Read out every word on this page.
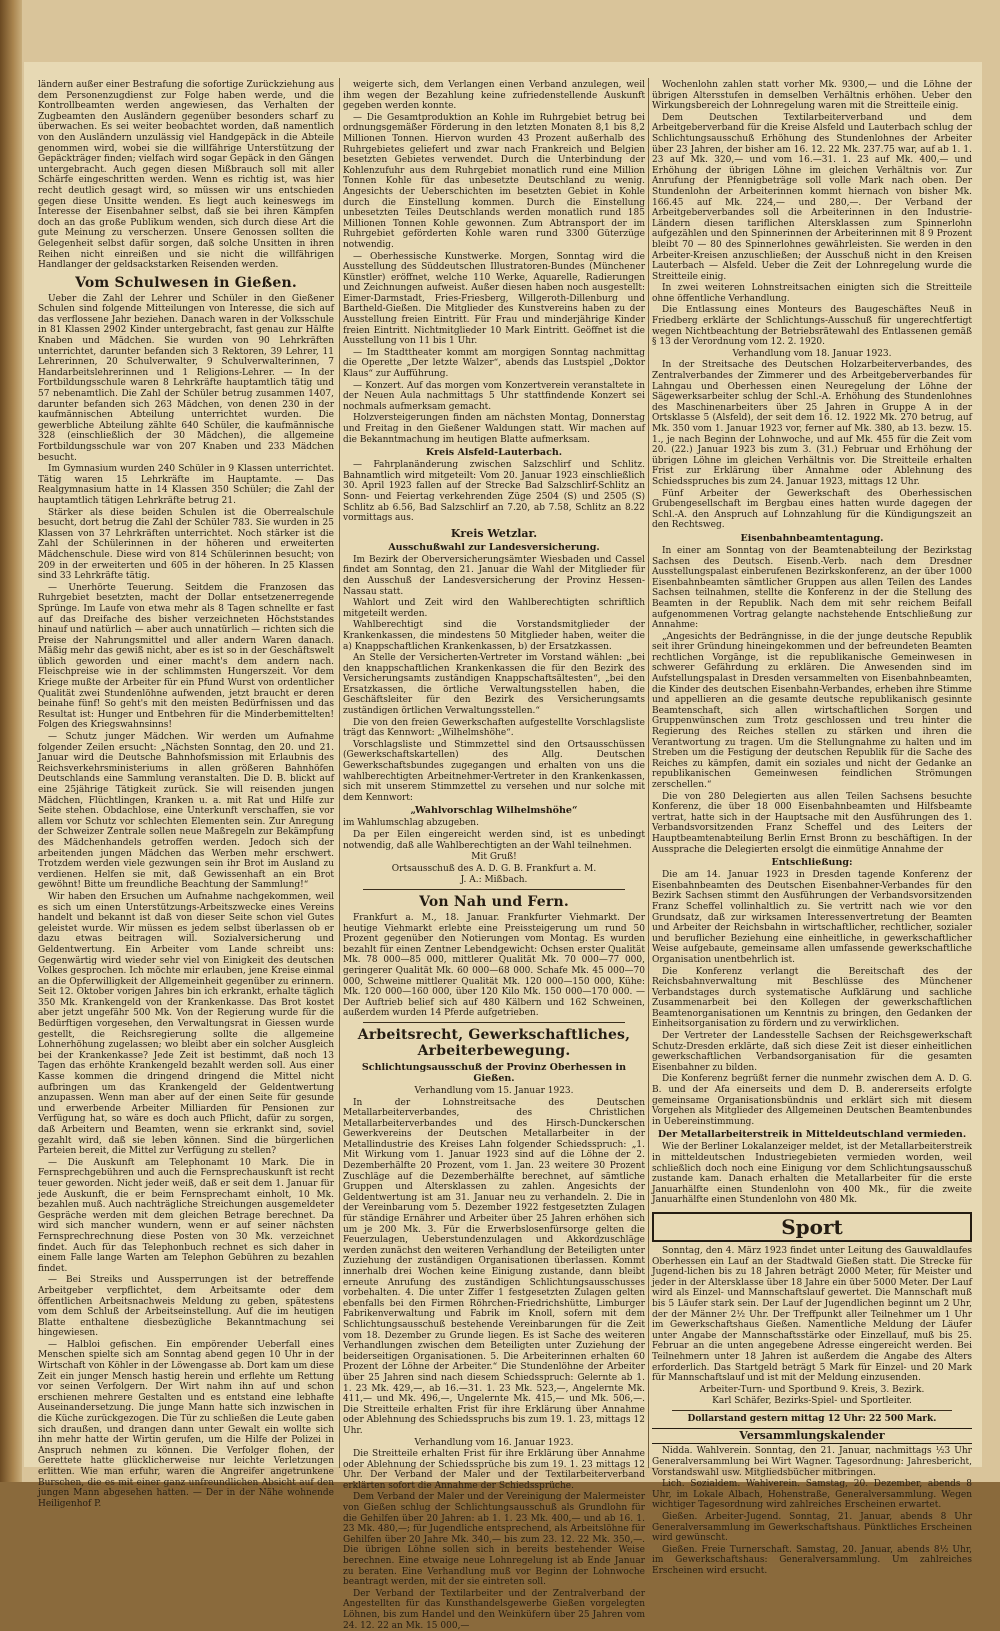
ländern außer einer Bestrafung die sofortige Zurückziehung aus dem Personenzugdienst zur Folge haben werde, und die Kontrollbeamten werden angewiesen, das Verhalten der Zugbeamten den Ausländern gegenüber besonders scharf zu überwachen. Es sei weiter beobachtet worden, daß namentlich von den Ausländern unzulässig viel Handgepäck in die Abteile genommen wird, wobei sie die willfährige Unterstützung der Gepäckträger finden; vielfach wird sogar Gepäck in den Gängen untergebracht. Auch gegen diesen Mißbrauch soll mit aller Schärfe eingeschritten werden. Wenn es richtig ist, was hier recht deutlich gesagt wird, so müssen wir uns entschieden gegen diese Unsitte wenden. Es liegt auch keineswegs im Interesse der Eisenbahner selbst, daß sie bei ihren Kämpfen doch an das große Publikum wenden, sich durch diese Art die gute Meinung zu verscherzen. Unsere Genossen sollten die Gelegenheit selbst dafür sorgen, daß solche Unsitten in ihren Reihen nicht einreißen und sie nicht die willfährigen Handlanger der geldsackstarken Reisenden werden.
Vom Schulwesen in Gießen.

Ueber die Zahl der Lehrer und Schüler in den Gießener Schulen sind folgende Mitteilungen von Interesse, die sich auf das verflossene Jahr beziehen. Danach waren in der Volksschule in 81 Klassen 2902 Kinder untergebracht, fast genau zur Hälfte Knaben und Mädchen. Sie wurden von 90 Lehrkräften unterrichtet, darunter befanden sich 3 Rektoren, 39 Lehrer, 11 Lehrerinnen, 20 Schulverwalter, 9 Schulverwalterinnen, 7 Handarbeitslehrerinnen und 1 Religions-Lehrer. — In der Fortbildungsschule waren 8 Lehrkräfte hauptamtlich tätig und 57 nebenamtlich. Die Zahl der Schüler betrug zusammen 1407, darunter befanden sich 263 Mädchen, von denen 230 in der kaufmännischen Abteilung unterrichtet wurden. Die gewerbliche Abteilung zählte 640 Schüler, die kaufmännische 328 (einschließlich der 30 Mädchen), die allgemeine Fortbildungsschule war von 207 Knaben und 233 Mädchen besucht.

Im Gymnasium wurden 240 Schüler in 9 Klassen unterrichtet. Tätig waren 15 Lehrkräfte im Hauptamte. — Das Realgymnasium hatte in 14 Klassen 350 Schüler; die Zahl der hauptamtlich tätigen Lehrkräfte betrug 21.

Stärker als diese beiden Schulen ist die Oberrealschule besucht, dort betrug die Zahl der Schüler 783. Sie wurden in 25 Klassen von 37 Lehrkräften unterrichtet. Noch stärker ist die Zahl der Schülerinnen in der höheren und erweiterten Mädchenschule. Diese wird von 814 Schülerinnen besucht; von 209 in der erweiterten und 605 in der höheren. In 25 Klassen sind 33 Lehrkräfte tätig.

— Unerhörte Teuerung. Seitdem die Franzosen das Ruhrgebiet besetzten, macht der Dollar entsetzenerregende Sprünge. Im Laufe von etwa mehr als 8 Tagen schnellte er fast auf das Dreifache des bisher verzeichneten Höchststandes hinauf und natürlich — aber auch unnatürlich — richten sich die Preise der Nahrungsmittel und aller andern Waren danach. Mäßig mehr das gewiß nicht, aber es ist so in der Geschäftswelt üblich geworden und einer macht's dem andern nach. Fleischpreise wie in der schlimmsten Hungerszeit. Vor dem Kriege mußte der Arbeiter für ein Pfund Wurst von ordentlicher Qualität zwei Stundenlöhne aufwenden, jetzt braucht er deren beinahe fünf! So geht's mit den meisten Bedürfnissen und das Resultat ist: Hunger und Entbehren für die Minderbemittelten! Folgen des Kriegswahnsinns!

— Schutz junger Mädchen. Wir werden um Aufnahme folgender Zeilen ersucht: „Nächsten Sonntag, den 20. und 21. Januar wird die Deutsche Bahnhofsmission mit Erlaubnis des Reichsverkehrsministeriums in allen größeren Bahnhöfen Deutschlands eine Sammlung veranstalten. Die D. B. blickt auf eine 25jährige Tätigkeit zurück. Sie will reisenden jungen Mädchen, Flüchtlingen, Kranken u. a. mit Rat und Hilfe zur Seite stehen. Obdachlose, eine Unterkunft verschaffen, sie vor allem vor Schutz vor schlechten Elementen sein. Zur Anregung der Schweizer Zentrale sollen neue Maßregeln zur Bekämpfung des Mädchenhandels getroffen werden. Jedoch sich der arbeitenden jungen Mädchen das Werben mehr erschwert. Trotzdem werden viele gezwungen sein ihr Brot im Ausland zu verdienen. Helfen sie mit, daß Gewissenhaft an ein Brot gewöhnt! Bitte um freundliche Beachtung der Sammlung!“

Wir haben den Ersuchen um Aufnahme nachgekommen, weil es sich um einen Unterstützungs-Arbeitszwecke eines Vereins handelt und bekannt ist daß von dieser Seite schon viel Gutes geleistet wurde. Wir müssen es jedem selbst überlassen ob er dazu etwas beitragen will. Sozialversicherung und Geldentwertung. Ein Arbeiter vom Lande schreibt uns: Gegenwärtig wird wieder sehr viel von Einigkeit des deutschen Volkes gesprochen. Ich möchte mir erlauben, jene Kreise einmal an die Opferwilligkeit der Allgemeinheit gegenüber zu erinnern. Seit 12. Oktober vorigen Jahres bin ich erkrankt, erhalte täglich 350 Mk. Krankengeld von der Krankenkasse. Das Brot kostet aber jetzt ungefähr 500 Mk. Von der Regierung wurde für die Bedürftigen vorgesehen, den Verwaltungsrat in Giessen wurde gestellt, die Reichsregierung sollte die allgemeine Lohnerhöhung zugelassen; wo bleibt aber ein solcher Ausgleich bei der Krankenkasse? Jede Zeit ist bestimmt, daß noch 13 Tagen das erhöhte Krankengeld bezahlt werden soll. Aus einer Kasse kommen die dringend dringend die Mittel nicht aufbringen um das Krankengeld der Geldentwertung anzupassen. Wenn man aber auf der einen Seite für gesunde und erwerbende Arbeiter Milliarden für Pensionen zur Verfügung hat, so wäre es doch auch Pflicht, dafür zu sorgen, daß Arbeitern und Beamten, wenn sie erkrankt sind, soviel gezahlt wird, daß sie leben können. Sind die bürgerlichen Parteien bereit, die Mittel zur Verfügung zu stellen?

— Die Auskunft am Telephonamt 10 Mark. Die in Fernsprechgebühren und auch die Fernsprechauskunft ist recht teuer geworden. Nicht jeder weiß, daß er seit dem 1. Januar für jede Auskunft, die er beim Fernsprechamt einholt, 10 Mk. bezahlen muß. Auch nachträgliche Streichungen ausgemeldeter Gespräche werden mit dem gleichen Betrage berechnet. Da wird sich mancher wundern, wenn er auf seiner nächsten Fernsprechrechnung diese Posten von 30 Mk. verzeichnet findet. Auch für das Telephonbuch rechnet es sich daher in einem Falle lange Warten am Telephon Gebühren zu bezahlen findet.

— Bei Streiks und Aussperrungen ist der betreffende Arbeitgeber verpflichtet, dem Arbeitsamte oder dem öffentlichen Arbeitsnachweis Meldung zu geben, spätestens vom dem Schluß der Arbeitseinstellung. Auf die im heutigen Blatte enthaltene diesbezügliche Bekanntmachung sei hingewiesen.

— Halbloi gefischen. Ein empörender Ueberfall eines Menschen spielte sich am Sonntag abend gegen 10 Uhr in der Wirtschaft von Köhler in der Löwengasse ab. Dort kam um diese Zeit ein junger Mensch hastig herein und erflehte um Rettung vor seinen Verfolgern. Der Wirt nahm ihn auf und schon erschienen mehrere Gestalten und es entstand eine lebhafte Auseinandersetzung. Die junge Mann hatte sich inzwischen in die Küche zurückgezogen. Die Tür zu schließen die Leute gaben sich draußen, und drangen dann unter Gewalt ein wollte sich ihn mehr hatte der Wirtin gerufen, um die Hilfe der Polizei in Anspruch nehmen zu können. Die Verfolger flohen, der Gerettete hatte glücklicherweise nur leichte Verletzungen erlitten. Wie man erfuhr, waren die Angreifer angetrunkene Burschen, die es mit einer ganz unfreundlichen Absicht auf den jungen Mann abgesehen hatten. — Der in der Nähe wohnende Heiligenhof P.

weigerte sich, dem Verlangen einen Verband anzulegen, weil ihm wegen der Bezahlung keine zufriedenstellende Auskunft gegeben werden konnte.

— Die Gesamtproduktion an Kohle im Ruhrgebiet betrug bei ordnungsgemäßer Förderung in den letzten Monaten 8,1 bis 8,2 Millionen Tonnen. Hiervon wurden 43 Prozent außerhalb des Ruhrgebietes geliefert und zwar nach Frankreich und Belgien besetzten Gebietes verwendet. Durch die Unterbindung der Kohlenzufuhr aus dem Ruhrgebiet monatlich rund eine Million Tonnen Kohle für das unbesetzte Deutschland zu wenig. Angesichts der Ueberschichten im besetzten Gebiet in Kohle durch die Einstellung kommen. Durch die Einstellung unbesetzten Teiles Deutschlands werden monatlich rund 185 Millionen Tonnen Kohle gewonnen. Zum Abtransport der im Ruhrgebiet geförderten Kohle waren rund 3300 Güterzüge notwendig.

— Oberhessische Kunstwerke. Morgen, Sonntag wird die Ausstellung des Süddeutschen Illustratoren-Bundes (Münchener Künstler) eröffnet, welche 110 Werke, Aquarelle, Radierungen und Zeichnungen aufweist. Außer diesen haben noch ausgestellt: Eimer-Darmstadt, Fries-Friesberg, Willgeroth-Dillenburg und Bartheld-Gießen. Die Mitglieder des Kunstvereins haben zu der Ausstellung freien Eintritt. Für Frau und minderjährige Kinder freien Eintritt. Nichtmitglieder 10 Mark Eintritt. Geöffnet ist die Ausstellung von 11 bis 1 Uhr.

— Im Stadttheater kommt am morgigen Sonntag nachmittag die Operette „Der letzte Walzer“, abends das Lustspiel „Doktor Klaus“ zur Aufführung.

— Konzert. Auf das morgen vom Konzertverein veranstaltete in der Neuen Aula nachmittags 5 Uhr stattfindende Konzert sei nochmals aufmerksam gemacht.

Holzversteigerungen finden am nächsten Montag, Donnerstag und Freitag in den Gießener Waldungen statt. Wir machen auf die Bekanntmachung im heutigen Blatte aufmerksam.

Kreis Alsfeld-Lauterbach.

— Fahrplanänderung zwischen Salzschlirf und Schlitz. Bahnamtlich wird mitgeteilt: Vom 20. Januar 1923 einschließlich 30. April 1923 fallen auf der Strecke Bad Salzschlirf-Schlitz an Sonn- und Feiertag verkehrenden Züge 2504 (S) und 2505 (S) Schlitz ab 6.56, Bad Salzschlirf an 7.20, ab 7.58, Schlitz an 8.22 vormittags aus.

Kreis Wetzlar.
Ausschußwahl zur Landesversicherung.

Im Bezirk der Oberversicherungsämter Wiesbaden und Cassel findet am Sonntag, den 21. Januar die Wahl der Mitglieder für den Ausschuß der Landesversicherung der Provinz Hessen-Nassau statt.

Wahlort und Zeit wird den Wahlberechtigten schriftlich mitgeteilt werden.

Wahlberechtigt sind die Vorstandsmitglieder der Krankenkassen, die mindestens 50 Mitglieder haben, weiter die a) Knappschaftlichen Krankenkassen, b) der Ersatzkassen.

An Stelle der Versicherten-Vertreter im Vorstand wählen: „bei den knappschaftlichen Krankenkassen die für den Bezirk des Versicherungsamts zuständigen Knappschaftsältesten“, „bei den Ersatzkassen, die örtliche Verwaltungsstellen haben, die Geschäftsleiter für den Bezirk des Versicherungsamts zuständigen örtlichen Verwaltungsstellen.“

Die von den freien Gewerkschaften aufgestellte Vorschlagsliste trägt das Kennwort: „Wilhelmshöhe“.

Vorschlagsliste und Stimmzettel sind den Ortsausschüssen (Gewerkschaftskartellen) des Allg. Deutschen Gewerkschaftsbundes zugegangen und erhalten von uns die wahlberechtigten Arbeitnehmer-Vertreter in den Krankenkassen, sich mit unserem Stimmzettel zu versehen und nur solche mit dem Kennwort:

„Wahlvorschlag Wilhelmshöhe“
im Wahlumschlag abzugeben.

Da per Eilen eingereicht werden sind, ist es unbedingt notwendig, daß alle Wahlberechtigten an der Wahl teilnehmen.

Mit Gruß!
Ortsausschuß des A. D. G. B. Frankfurt a. M.
J. A.: Mißbach.
Von Nah und Fern.

Frankfurt a. M., 18. Januar. Frankfurter Viehmarkt. Der heutige Viehmarkt erlebte eine Preissteigerung um rund 50 Prozent gegenüber den Notierungen vom Montag. Es wurden bezahlt für einen Zentner Lebendgewicht: Ochsen erster Qualität Mk. 78 000—85 000, mittlerer Qualität Mk. 70 000—77 000, geringerer Qualität Mk. 60 000—68 000. Schafe Mk. 45 000—70 000, Schweine mittlerer Qualität Mk. 120 000—150 000, Kühe: Mk. 120 000—160 000, über 120 Kilo Mk. 150 000—170 000. — Der Auftrieb belief sich auf 480 Kälbern und 162 Schweinen, außerdem wurden 14 Pferde aufgetrieben.

Arbeitsrecht, Gewerkschaftliches, Arbeiterbewegung.
Schlichtungsausschuß der Provinz Oberhessen in Gießen.
Verhandlung vom 15. Januar 1923.

In der Lohnstreitsache des Deutschen Metallarbeiterverbandes, des Christlichen Metallarbeiterverbandes und des Hirsch-Dunckerschen Gewerkvereins der Deutschen Metallarbeiter in der Metallindustrie des Kreises Lahn folgender Schiedsspruch: „1. Mit Wirkung vom 1. Januar 1923 sind auf die Löhne der 2. Dezemberhälfte 20 Prozent, vom 1. Jan. 23 weitere 30 Prozent Zuschläge auf die Dezemberhälfte berechnet, auf sämtliche Gruppen und Altersklassen zu zahlen. Angesichts der Geldentwertung ist am 31. Januar neu zu verhandeln. 2. Die in der Vereinbarung vom 5. Dezember 1922 festgesetzten Zulagen für ständige Ernährer und Arbeiter über 25 Jahren erhöhen sich um je 200 Mk. 3. Für die Erwerbslosenfürsorge gelten die Feuerzulagen, Ueberstundenzulagen und Akkordzuschläge werden zunächst den weiteren Verhandlung der Beteiligten unter Zuziehung der zuständigen Organisationen überlassen. Kommt innerhalb drei Wochen keine Einigung zustande, dann bleibt erneute Anrufung des zuständigen Schlichtungsausschusses vorbehalten. 4. Die unter Ziffer 1 festgesetzten Zulagen gelten ebenfalls bei den Firmen Röhrchen-Friedrichshütte, Limburger Fabrikenverwaltung und Fabrik im Knoll, sofern mit dem Schlichtungsausschuß bestehende Vereinbarungen für die Zeit vom 18. Dezember zu Grunde liegen. Es ist Sache des weiteren Verhandlungen zwischen dem Beteiligten unter Zuziehung der beiderseitigen Organisationen. 5. Die Arbeiterinnen erhalten 60 Prozent der Löhne der Arbeiter.“ Die Stundenlöhne der Arbeiter über 25 Jahren sind nach diesem Schiedsspruch: Gelernte ab 1. 1. 23 Mk. 429,—, ab 16.—31. 1. 23 Mk. 523,—, Angelernte Mk. 411,— und Mk. 496,—, Ungelernte Mk. 415,— und Mk. 506,—. Die Streitteile erhalten Frist für ihre Erklärung über Annahme oder Ablehnung des Schiedsspruchs bis zum 19. 1. 23, mittags 12 Uhr.

Verhandlung vom 16. Januar 1923.

Die Streitteile erhalten Frist für ihre Erklärung über Annahme oder Ablehnung der Schiedssprüche bis zum 19. 1. 23 mittags 12 Uhr. Der Verband der Maler und der Textilarbeiterverband erklärten sofort die Annahme der Schiedssprüche.

Dem Verband der Maler und der Vereinigung der Malermeister von Gießen schlug der Schlichtungsausschuß als Grundlohn für die Gehilfen über 20 Jahren: ab 1. 1. 23 Mk. 400,— und ab 16. 1. 23 Mk. 480,—; für Jugendliche entsprechend, als Arbeitslöhne für Gehilfen über 20 Jahre Mk. 340,— bis zum 23. 12. 22 Mk. 350,—. Die übrigen Löhne sollen sich in bereits bestehender Weise berechnen. Eine etwaige neue Lohnregelung ist ab Ende Januar zu beraten. Eine Verhandlung muß vor Beginn der Lohnwoche beantragt werden, mit der sie eintreten soll.

Der Verband der Textilarbeiter und der Zentralverband der Angestellten für das Kunsthandelsgewerbe Gießen vorgelegten Löhnen, bis zum Handel und den Weinküfern über 25 Jahren vom 24. 12. 22 an Mk. 15 000,—

Wochenlohn zahlen statt vorher Mk. 9300,— und die Löhne der übrigen Altersstufen in demselben Verhältnis erhöhen. Ueber den Wirkungsbereich der Lohnregelung waren mit die Streitteile einig.

Dem Deutschen Textilarbeiterverband und dem Arbeitgeberverband für die Kreise Alsfeld und Lauterbach schlug der Schlichtungsausschuß Erhöhung des Stundenlohnes der Arbeiter über 23 Jahren, der bisher am 16. 12. 22 Mk. 237.75 war, auf ab 1. 1. 23 auf Mk. 320,— und vom 16.—31. 1. 23 auf Mk. 400,— und Erhöhung der übrigen Löhne im gleichen Verhältnis vor. Zur Anrufung der Pfennigbeträge soll volle Mark nach oben. Der Stundenlohn der Arbeiterinnen kommt hiernach von bisher Mk. 166.45 auf Mk. 224,— und 280,—. Der Verband der Arbeitgeberverbandes soll die Arbeiterinnen in den Industrie-Ländern diesen tariflichen Altersklassen zum Spinnerlohn aufgezählen und den Spinnerinnen der Arbeiterinnen mit 8 9 Prozent bleibt 70 — 80 des Spinnerlohnes gewährleisten. Sie werden in den Arbeiter-Kreisen anzuschließen; der Ausschuß nicht in den Kreisen Lauterbach — Alsfeld. Ueber die Zeit der Lohnregelung wurde die Streitteile einig.

In zwei weiteren Lohnstreitsachen einigten sich die Streitteile ohne öffentliche Verhandlung.

Die Entlassung eines Monteurs des Baugeschäftes Neuß in Friedberg erklärte der Schlichtungs-Ausschuß für ungerechtfertigt wegen Nichtbeachtung der Betriebsrätewahl des Entlassenen gemäß § 13 der Verordnung vom 12. 2. 1920.

Verhandlung vom 18. Januar 1923.

In der Streitsache des Deutschen Holzarbeiterverbandes, des Zentralverbandes der Zimmerer und des Arbeitgeberverbandes für Lahngau und Oberhessen einen Neuregelung der Löhne der Sägewerksarbeiter schlug der Schl.-A. Erhöhung des Stundenlohnes des Maschinenarbeiters über 25 Jahren in Gruppe A in der Ortsklasse 5 (Alsfeld), der seit dem 16. 12. 1922 Mk. 270 betrug, auf Mk. 350 vom 1. Januar 1923 vor, ferner auf Mk. 380, ab 13. bezw. 15. 1., je nach Beginn der Lohnwoche, und auf Mk. 455 für die Zeit vom 20. (22.) Januar 1923 bis zum 3. (31.) Februar und Erhöhung der übrigen Löhne im gleichen Verhältnis vor. Die Streitteile erhalten Frist zur Erklärung über Annahme oder Ablehnung des Schiedsspruches bis zum 24. Januar 1923, mittags 12 Uhr.

Fünf Arbeiter der Gewerkschaft des Oberhessischen Grubengesellschaft im Bergbau eines hatten wurde dagegen der Schl.-A. den Anspruch auf Lohnzahlung für die Kündigungszeit an den Rechtsweg.

Eisenbahnbeamtentagung.

In einer am Sonntag von der Beamtenabteilung der Bezirkstag Sachsen des Deutsch. Eisenb.-Verb. nach dem Dresdner Ausstellungspalast einberufenen Bezirkskonferenz, an der über 1000 Eisenbahnbeamten sämtlicher Gruppen aus allen Teilen des Landes Sachsen teilnahmen, stellte die Konferenz in der die Stellung des Beamten in der Republik. Nach dem mit sehr reichem Beifall aufgenommenen Vortrag gelangte nachstehende Entschließung zur Annahme:

„Angesichts der Bedrängnisse, in die der junge deutsche Republik seit ihrer Gründung hineingekommen und der befreundeten Beamten rechtlichen Vorgänge, ist die republikanische Gemeinwesen in schwerer Gefährdung zu erklären. Die Anwesenden sind im Aufstellungspalast in Dresden versammelten von Eisenbahnbeamten, die Kinder des deutschen Eisenbahn-Verbandes, erheben ihre Stimme und appellieren an die gesamte deutsche republikanisch gesinnte Beamtenschaft, sich allen wirtschaftlichen Sorgen und Gruppenwünschen zum Trotz geschlossen und treu hinter die Regierung des Reiches stellen zu stärken und ihren die Verantwortung zu tragen. Um die Stellungnahme zu halten und im Streben um die Festigung der deutschen Republik für die Sache des Reiches zu kämpfen, damit ein soziales und nicht der Gedanke an republikanischen Gemeinwesen feindlichen Strömungen zerschellen.“

Die von 280 Delegierten aus allen Teilen Sachsens besuchte Konferenz, die über 18 000 Eisenbahnbeamten und Hilfsbeamte vertrat, hatte sich in der Hauptsache mit den Ausführungen des 1. Verbandsvorsitzenden Franz Scheffel und des Leiters der Hauptbeamtenabteilung Berlin Ernst Bronn zu beschäftigen. In der Aussprache die Delegierten ersolgt die einmütige Annahme der

Entschließung:

Die am 14. Januar 1923 in Dresden tagende Konferenz der Eisenbahnbeamten des Deutschen Eisenbahner-Verbandes für den Bezirk Sachsen stimmt den Ausführungen der Verbandsvorsitzenden Franz Scheffel vollinhaltlich zu. Sie vertritt nach wie vor den Grundsatz, daß zur wirksamen Interessenvertretung der Beamten und Arbeiter der Reichsbahn in wirtschaftlicher, rechtlicher, sozialer und beruflicher Beziehung eine einheitliche, in gewerkschaftlicher Weise aufgebaute, gemeinsame allen umfassende gewerkschaftliche Organisation unentbehrlich ist.

Die Konferenz verlangt die Bereitschaft des der Reichsbahnverwaltung mit Beschlüsse des Münchener Verbandstages durch systematische Aufklärung und sachliche Zusammenarbeit bei den Kollegen der gewerkschaftlichen Beamtenorganisationen um Kenntnis zu bringen, den Gedanken der Einheitsorganisation zu fördern und zu verwirklichen.

Der Vertreter der Landesstelle Sachsen der Reichsgewerkschaft Schutz-Dresden erklärte, daß sich diese Zeit ist dieser einheitlichen gewerkschaftlichen Verbandsorganisation für die gesamten Eisenbahner zu bilden.

Die Konferenz begrüßt ferner die nunmehr zwischen dem A. D. G. B. und der Afa einerseits und dem D. B. andererseits erfolgte gemeinsame Organisationsbündnis und erklärt sich mit diesem Vorgehen als Mitglieder des Allgemeinen Deutschen Beamtenbundes in Uebereinstimmung.

Der Metallarbeiterstreik in Mitteldeutschland vermieden.

Wie der Berliner Lokalanzeiger meldet, ist der Metallarbeiterstreik in mitteldeutschen Industriegebieten vermieden worden, weil schließlich doch noch eine Einigung vor dem Schlichtungsausschuß zustande kam. Danach erhalten die Metallarbeiter für die erste Januarhälfte einen Stundenlohn von 400 Mk., für die zweite Januarhälfte einen Stundenlohn von 480 Mk.

Sport

Sonntag, den 4. März 1923 findet unter Leitung des Gauwaldlaufes Oberhessen ein Lauf an der Stadtwald Gießen statt. Die Strecke für Jugend-lichen bis zu 18 Jahren beträgt 2000 Meter, für Meister und jeder in der Altersklasse über 18 Jahre ein über 5000 Meter. Der Lauf wird als Einzel- und Mannschaftslauf gewertet. Die Mannschaft muß bis 5 Läufer stark sein. Der Lauf der Jugendlichen beginnt um 2 Uhr, der der Männer 2½ Uhr. Der Treffpunkt aller Teilnehmer um 1 Uhr im Gewerkschaftshaus Gießen. Namentliche Meldung der Läufer unter Angabe der Mannschaftsstärke oder Einzellauf, muß bis 25. Februar an die unten angegebene Adresse eingereicht werden. Bei Teilnehmern unter 18 Jahren ist außerdem die Angabe des Alters erforderlich. Das Startgeld beträgt 5 Mark für Einzel- und 20 Mark für Mannschaftslauf und ist mit der Meldung einzusenden.

Arbeiter-Turn- und Sportbund 9. Kreis, 3. Bezirk.
Karl Schäfer, Bezirks-Spiel- und Sportleiter.
Dollarstand gestern mittag 12 Uhr: 22 500 Mark.
Versammlungskalender

Nidda. Wahlverein. Sonntag, den 21. Januar, nachmittags ½3 Uhr Generalversammlung bei Wirt Wagner. Tagesordnung: Jahresbericht, Vorstandswahl usw. Mitgliedsbücher mitbringen.

Lich. Sozialdem. Wahlverein. Samstag, 20. Dezember, abends 8 Uhr, im Lokale Albach, Hohenstraße, Generalversammlung. Wegen wichtiger Tagesordnung wird zahlreiches Erscheinen erwartet.

Gießen. Arbeiter-Jugend. Sonntag, 21. Januar, abends 8 Uhr Generalversammlung im Gewerkschaftshaus. Pünktliches Erscheinen wird gewünscht.

Gießen. Freie Turnerschaft. Samstag, 20. Januar, abends 8½ Uhr, im Gewerkschaftshaus: Generalversammlung. Um zahlreiches Erscheinen wird ersucht.
